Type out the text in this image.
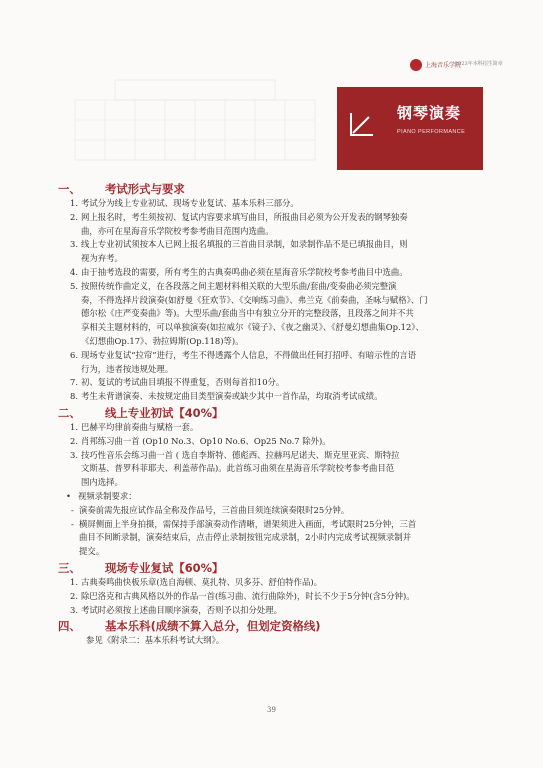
上海音乐学院
2023年本科招生简章
钢琴演奏
PIANO PERFORMANCE
一、	考试形式与要求
1. 考试分为线上专业初试、现场专业复试、基本乐科三部分。
2. 网上报名时，考生须按初、复试内容要求填写曲目，所报曲目必须为公开发表的钢琴独奏
曲，亦可在星海音乐学院校考参考曲目范围内选曲。
3. 线上专业初试须按本人已网上报名填报的三首曲目录制，如录制作品不是已填报曲目，则
视为弃考。
4. 由于抽考选段的需要，所有考生的古典奏鸣曲必须在星海音乐学院校考参考曲目中选曲。
5. 按照传统作曲定义，在各段落之间主题材料相关联的大型乐曲/套曲/变奏曲必须完整演
奏，不得选择片段演奏(如舒曼《狂欢节》、《交响练习曲》、弗兰克《前奏曲，圣咏与赋格》、门
德尔松《庄严变奏曲》等)。大型乐曲/套曲当中有独立分开的完整段落，且段落之间并不共
享相关主题材料的，可以单独演奏(如拉威尔《镜子》、《夜之幽灵》、《舒曼幻想曲集Op.12》、
《幻想曲Op.17》、勃拉姆斯(Op.118)等)。
6. 现场专业复试“拉帘”进行，考生不得透露个人信息，不得做出任何打招呼、有暗示性的言语
行为，违者按违规处理。
7. 初、复试的考试曲目填报不得重复，否则每首扣10分。
8. 考生未背谱演奏、未按规定曲目类型演奏或缺少其中一首作品，均取消考试成绩。
二、	线上专业初试【40%】
1. 巴赫平均律前奏曲与赋格一套。
2. 肖邦练习曲一首 (Op10 No.3、Op10 No.6、Op25 No.7 除外)。
3. 技巧性音乐会练习曲一首 ( 选自李斯特、德彪西、拉赫玛尼诺夫、斯克里亚宾、斯特拉
文斯基、普罗科菲耶夫、利盖蒂作品)。此首练习曲须在星海音乐学院校考参考曲目范
围内选择。
• 视频录制要求：
- 演奏前需先报应试作品全称及作品号，三首曲目须连续演奏限时25分钟。
- 横屏侧面上半身拍摄，需保持手部演奏动作清晰，谱架须进入画面，考试限时25分钟，三首
曲目不间断录制，演奏结束后，点击停止录制按钮完成录制，2小时内完成考试视频录制并
提交。
三、	现场专业复试【60%】
1. 古典奏鸣曲快板乐章(选自海顿、莫扎特、贝多芬、舒伯特作品)。
2. 除巴洛克和古典风格以外的作品一首(练习曲、流行曲除外)，时长不少于5分钟(含5分钟)。
3. 考试时必须按上述曲目顺序演奏，否则予以扣分处理。
四、	基本乐科(成绩不算入总分，但划定资格线)
参见《附录二：基本乐科考试大纲》。
39
